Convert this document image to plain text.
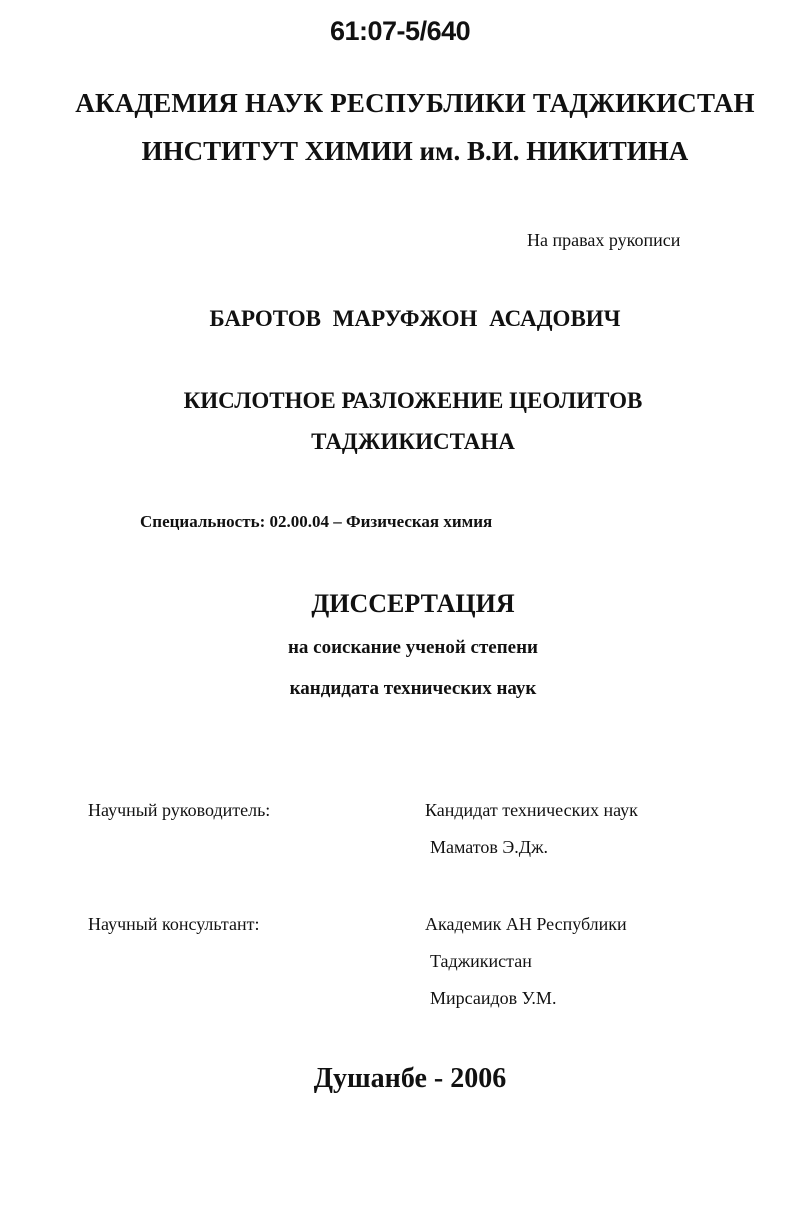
61:07-5/640
АКАДЕМИЯ НАУК РЕСПУБЛИКИ ТАДЖИКИСТАН
ИНСТИТУТ ХИМИИ им. В.И. НИКИТИНА
На правах рукописи
БАРОТОВ МАРУФЖОН АСАДОВИЧ
КИСЛОТНОЕ РАЗЛОЖЕНИЕ ЦЕОЛИТОВ
ТАДЖИКИСТАНА
Специальность: 02.00.04 – Физическая химия
ДИССЕРТАЦИЯ
на соискание ученой степени
кандидата технических наук
Научный руководитель:	Кандидат технических наук
Маматов Э.Дж.
Научный консультант:	Академик АН Республики
Таджикистан
Мирсаидов У.М.
Душанбе - 2006
